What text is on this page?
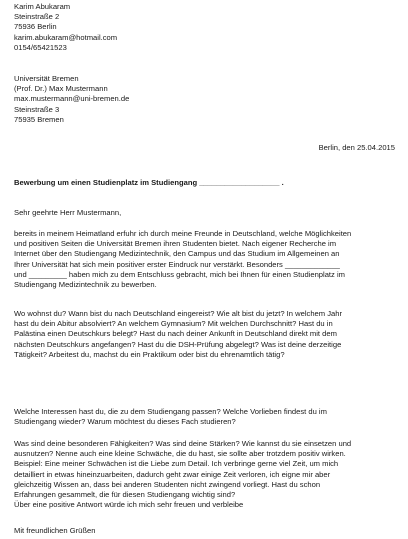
Karim Abukaram
Steinstraße 2
75936 Berlin
karim.abukaram@hotmail.com
0154/65421523
Universität Bremen
(Prof. Dr.) Max Mustermann
max.mustermann@uni-bremen.de
Steinstraße 3
75935 Bremen
Berlin, den 25.04.2015
Bewerbung um einen Studienplatz im Studiengang ___________________ .
Sehr geehrte Herr Mustermann,
bereits in meinem Heimatland erfuhr ich durch meine Freunde in Deutschland, welche Möglichkeiten
und positiven Seiten die Universität Bremen ihren Studenten bietet. Nach eigener Recherche im
Internet über den Studiengang Medizintechnik, den Campus und das Studium im Allgemeinen an
Ihrer Universität hat sich mein positiver erster Eindruck nur verstärkt. Besonders _____________
und _________ haben mich zu dem Entschluss gebracht, mich bei Ihnen für einen Studienplatz im
Studiengang Medizintechnik zu bewerben.
Wo wohnst du? Wann bist du nach Deutschland eingereist? Wie alt bist du jetzt? In welchem Jahr
hast du dein Abitur absolviert? An welchem Gymnasium? Mit welchen Durchschnitt? Hast du in
Palästina einen Deutschkurs belegt? Hast du nach deiner Ankunft in Deutschland direkt mit dem
nächsten Deutschkurs angefangen? Hast du die DSH-Prüfung abgelegt? Was ist deine derzeitige
Tätigkeit? Arbeitest du, machst du ein Praktikum oder bist du ehrenamtlich tätig?
Welche Interessen hast du, die zu dem Studiengang passen? Welche Vorlieben findest du im
Studiengang wieder? Warum möchtest du dieses Fach studieren?
Was sind deine besonderen Fähigkeiten? Was sind deine Stärken? Wie kannst du sie einsetzen und
ausnutzen? Nenne auch eine kleine Schwäche, die du hast, sie sollte aber trotzdem positiv wirken.
Beispiel: Eine meiner Schwächen ist die Liebe zum Detail. Ich verbringe gerne viel Zeit, um mich
detailliert in etwas hineinzuarbeiten, dadurch geht zwar einige Zeit verloren, ich eigne mir aber
gleichzeitig Wissen an, dass bei anderen Studenten nicht zwingend vorliegt. Hast du schon
Erfahrungen gesammelt, die für diesen Studiengang wichtig sind?
Über eine positive Antwort würde ich mich sehr freuen und verbleibe
Mit freundlichen Grüßen
